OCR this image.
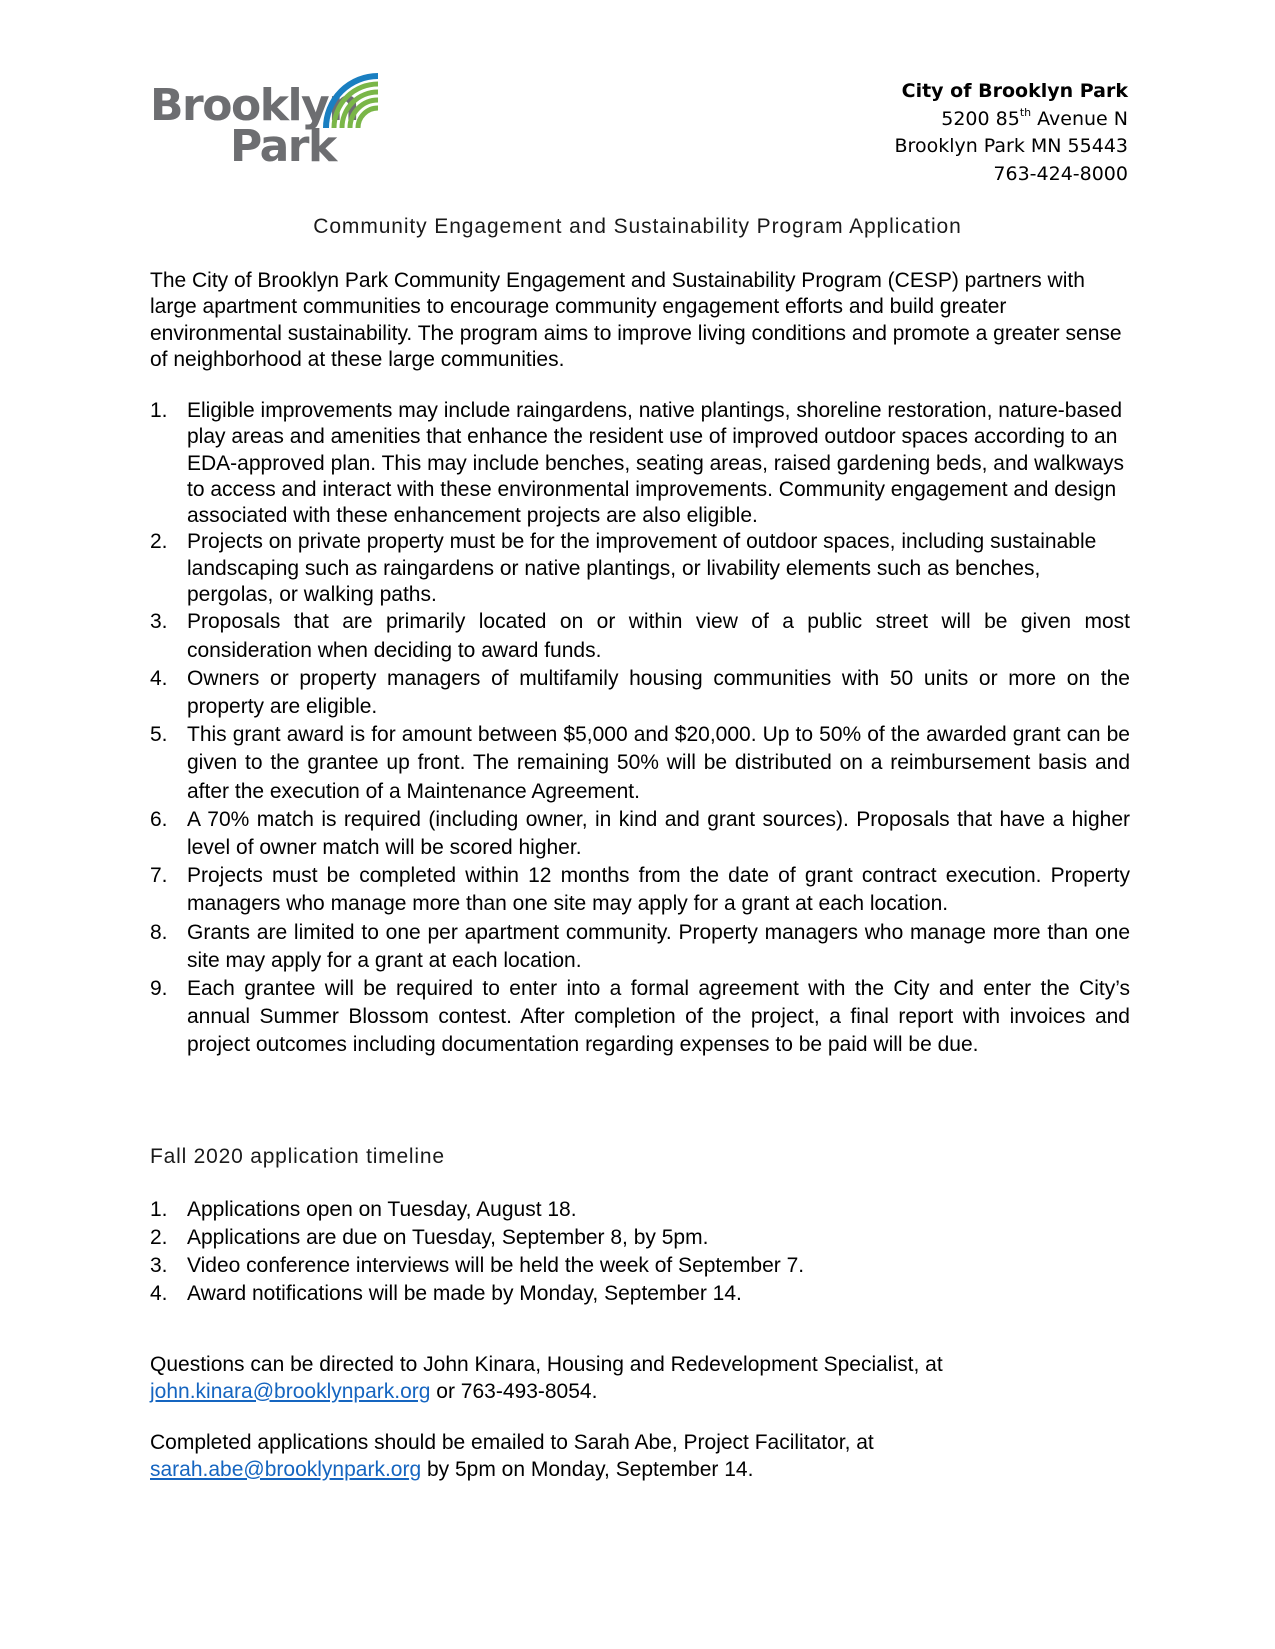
Brooklyn
Park
City of Brooklyn Park
5200 85th Avenue N
Brooklyn Park MN 55443
763-424-8000
Community Engagement and Sustainability Program Application
The City of Brooklyn Park Community Engagement and Sustainability Program (CESP) partners with large apartment communities to encourage community engagement efforts and build greater environmental sustainability. The program aims to improve living conditions and promote a greater sense of neighborhood at these large communities.
1. Eligible improvements may include raingardens, native plantings, shoreline restoration, nature-based play areas and amenities that enhance the resident use of improved outdoor spaces according to an EDA-approved plan. This may include benches, seating areas, raised gardening beds, and walkways to access and interact with these environmental improvements. Community engagement and design associated with these enhancement projects are also eligible.
2. Projects on private property must be for the improvement of outdoor spaces, including sustainable landscaping such as raingardens or native plantings, or livability elements such as benches, pergolas, or walking paths.
3. Proposals that are primarily located on or within view of a public street will be given most consideration when deciding to award funds.
4. Owners or property managers of multifamily housing communities with 50 units or more on the property are eligible.
5. This grant award is for amount between $5,000 and $20,000. Up to 50% of the awarded grant can be given to the grantee up front. The remaining 50% will be distributed on a reimbursement basis and after the execution of a Maintenance Agreement.
6. A 70% match is required (including owner, in kind and grant sources). Proposals that have a higher level of owner match will be scored higher.
7. Projects must be completed within 12 months from the date of grant contract execution. Property managers who manage more than one site may apply for a grant at each location.
8. Grants are limited to one per apartment community. Property managers who manage more than one site may apply for a grant at each location.
9. Each grantee will be required to enter into a formal agreement with the City and enter the City’s annual Summer Blossom contest. After completion of the project, a final report with invoices and project outcomes including documentation regarding expenses to be paid will be due.
Fall 2020 application timeline
1. Applications open on Tuesday, August 18.
2. Applications are due on Tuesday, September 8, by 5pm.
3. Video conference interviews will be held the week of September 7.
4. Award notifications will be made by Monday, September 14.
Questions can be directed to John Kinara, Housing and Redevelopment Specialist, at
john.kinara@brooklynpark.org or 763-493-8054.
Completed applications should be emailed to Sarah Abe, Project Facilitator, at
sarah.abe@brooklynpark.org by 5pm on Monday, September 14.
